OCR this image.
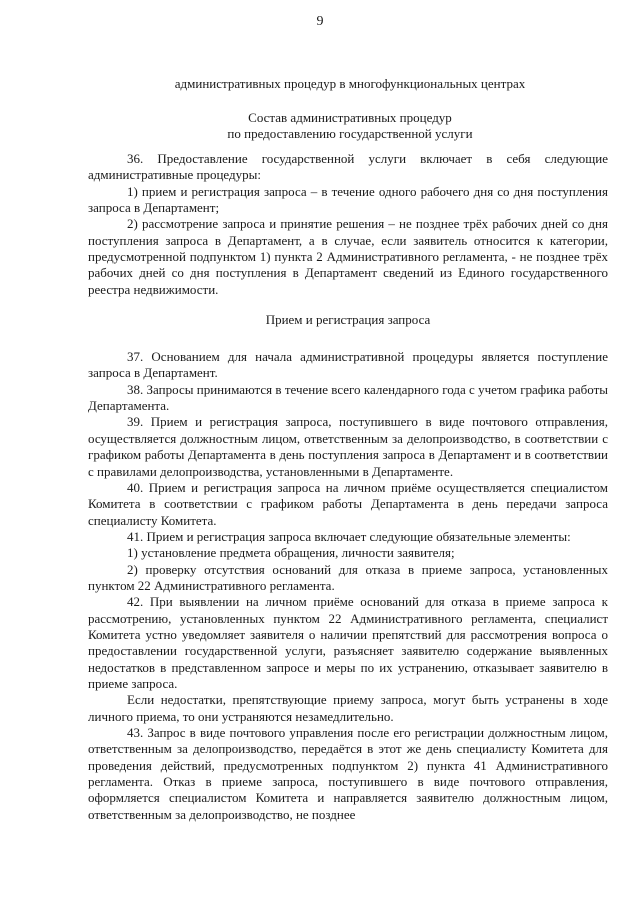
9
административных процедур в многофункциональных центрах
Состав административных процедур
по предоставлению государственной услуги

36. Предоставление государственной услуги включает в себя следующие административные процедуры:

1) прием и регистрация запроса – в течение одного рабочего дня со дня поступления запроса в Департамент;

2) рассмотрение запроса и принятие решения – не позднее трёх рабочих дней со дня поступления запроса в Департамент, а в случае, если заявитель относится к категории, предусмотренной подпунктом 1) пункта 2 Административного регламента, - не позднее трёх рабочих дней со дня поступления в Департамент сведений из Единого государственного реестра недвижимости.

Прием и регистрация запроса

37. Основанием для начала административной процедуры является поступление запроса в Департамент.

38. Запросы принимаются в течение всего календарного года с учетом графика работы Департамента.

39. Прием и регистрация запроса, поступившего в виде почтового отправления, осуществляется должностным лицом, ответственным за делопроизводство, в соответствии с графиком работы Департамента в день поступления запроса в Департамент и в соответствии с правилами делопроизводства, установленными в Департаменте.

40. Прием и регистрация запроса на личном приёме осуществляется специалистом Комитета в соответствии с графиком работы Департамента в день передачи запроса специалисту Комитета.

41. Прием и регистрация запроса включает следующие обязательные элементы:

1) установление предмета обращения, личности заявителя;

2) проверку отсутствия оснований для отказа в приеме запроса, установленных пунктом 22 Административного регламента.

42. При выявлении на личном приёме оснований для отказа в приеме запроса к рассмотрению, установленных пунктом 22 Административного регламента, специалист Комитета устно уведомляет заявителя о наличии препятствий для рассмотрения вопроса о предоставлении государственной услуги, разъясняет заявителю содержание выявленных недостатков в представленном запросе и меры по их устранению, отказывает заявителю в приеме запроса.

Если недостатки, препятствующие приему запроса, могут быть устранены в ходе личного приема, то они устраняются незамедлительно.

43. Запрос в виде почтового управления после его регистрации должностным лицом, ответственным за делопроизводство, передаётся в этот же день специалисту Комитета для проведения действий, предусмотренных подпунктом 2) пункта 41 Административного регламента. Отказ в приеме запроса, поступившего в виде почтового отправления, оформляется специалистом Комитета и направляется заявителю должностным лицом, ответственным за делопроизводство, не позднее
